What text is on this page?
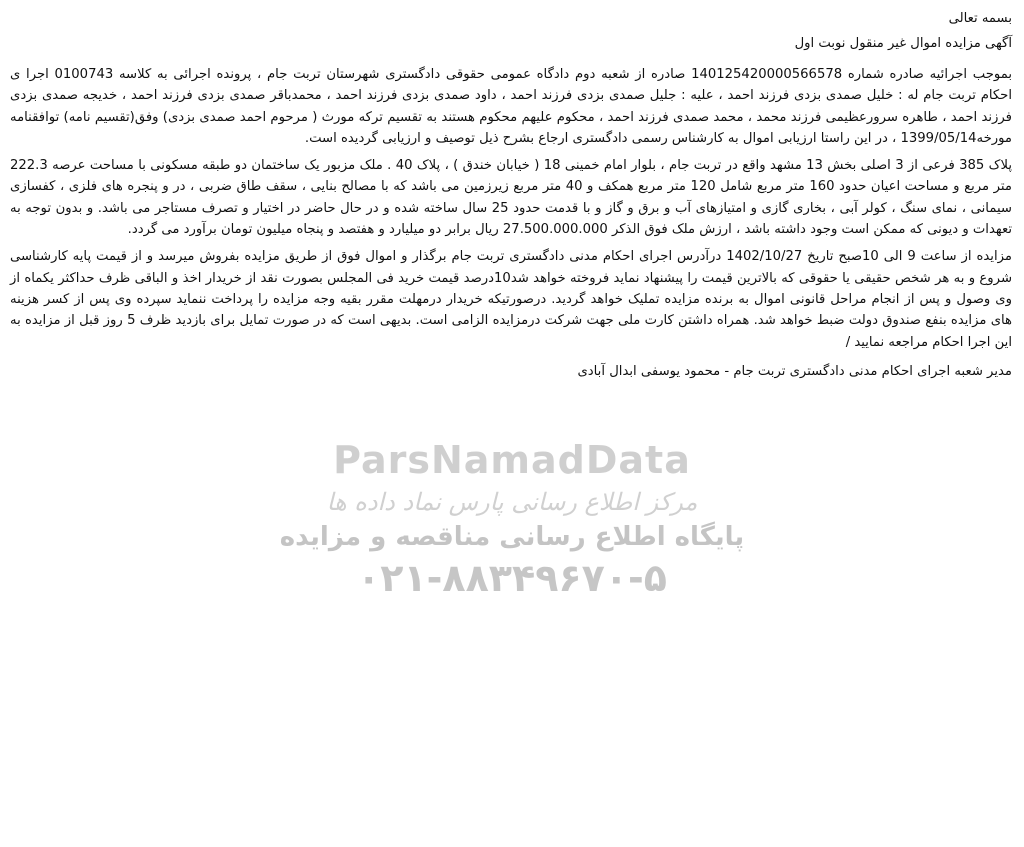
ParsNamadData
مرکز اطلاع رسانی پارس نماد داده ها
پایگاه اطلاع رسانی مناقصه و مزایده
۰۲۱-۸۸۳۴۹۶۷۰-۵

بسمه تعالی

آگهی مزایده اموال غیر منقول نوبت اول

بموجب اجرائیه صادره شماره 140125420000566578 صادره از شعبه دوم دادگاه عمومی حقوقی دادگستری شهرستان تربت جام ، پرونده اجرائی به کلاسه 0100743 اجرا ی احکام تربت جام له : خلیل صمدی بزدی فرزند احمد ، علیه : جلیل صمدی بزدی فرزند احمد ، داود صمدی بزدی فرزند احمد ، محمدباقر صمدی بزدی فرزند احمد ، خدیجه صمدی بزدی فرزند احمد ، طاهره سرورعظیمی فرزند محمد ، محمد صمدی فرزند احمد ، محکوم علیهم محکوم هستند به تقسیم ترکه مورث ( مرحوم احمد صمدی بزدی) وفق(تقسیم نامه) توافقنامه مورخه1399/05/14 ، در این راستا ارزیابی اموال به کارشناس رسمی دادگستری ارجاع بشرح ذیل توصیف و ارزیابی گردیده است.

پلاک 385 فرعی از 3 اصلی بخش 13 مشهد واقع در تربت جام ، بلوار امام خمینی 18 ( خیابان خندق ) ، پلاک 40 . ملک مزبور یک ساختمان دو طبقه مسکونی با مساحت عرصه 222.3 متر مربع و مساحت اعیان حدود 160 متر مربع شامل 120 متر مربع همکف و 40 متر مربع زیرزمین می باشد که با مصالح بنایی ، سقف طاق ضربی ، در و پنجره های فلزی ، کفسازی سیمانی ، نمای سنگ ، کولر آبی ، بخاری گازی و امتیازهای آب و برق و گاز و با قدمت حدود 25 سال ساخته شده و در حال حاضر در اختیار و تصرف مستاجر می باشد. و بدون توجه به تعهدات و دیونی که ممکن است وجود داشته باشد ، ارزش ملک فوق الذکر 27.500.000.000 ریال برابر دو میلیارد و هفتصد و پنجاه میلیون تومان برآورد می گردد.

مزایده از ساعت 9 الی 10صبح تاریخ 1402/10/27 درآدرس اجرای احکام مدنی دادگستری تربت جام برگذار و اموال فوق از طریق مزایده بفروش میرسد و از قیمت پایه کارشناسی شروع و به هر شخص حقیقی یا حقوقی که بالاترین قیمت را پیشنهاد نماید فروخته خواهد شد10درصد قیمت خرید فی المجلس بصورت نقد از خریدار اخذ و الباقی ظرف حداکثر یکماه از وی وصول و پس از انجام مراحل قانونی اموال به برنده مزایده تملیک خواهد گردید. درصورتیکه خریدار درمهلت مقرر بقیه وجه مزایده را پرداخت ننماید سپرده وی پس از کسر هزینه های مزایده بنفع صندوق دولت ضبط خواهد شد. همراه داشتن کارت ملی جهت شرکت درمزایده الزامی است. بدیهی است که در صورت تمایل برای بازدید ظرف 5 روز قبل از مزایده به این اجرا احکام مراجعه نمایید /

مدیر شعبه اجرای احکام مدنی دادگستری تربت جام - محمود یوسفی ابدال آبادی
